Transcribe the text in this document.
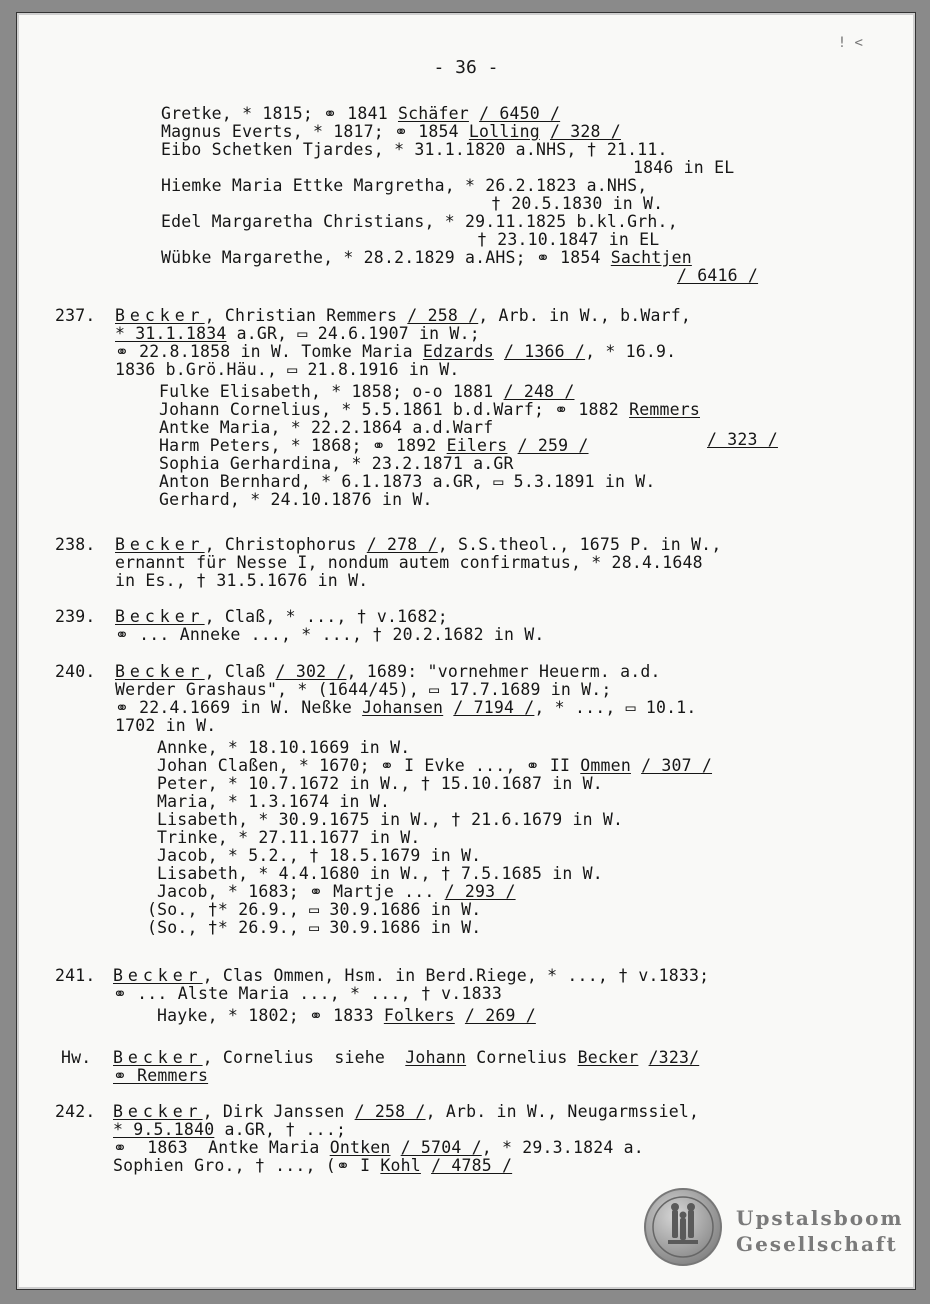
- 36 -
! <
Gretke, * 1815; ⚭ 1841 Schäfer / 6450 /
Magnus Everts, * 1817; ⚭ 1854 Lolling / 328 /
Eibo Schetken Tjardes, * 31.1.1820 a.NHS, † 21.11.
1846 in EL
Hiemke Maria Ettke Margretha, * 26.2.1823 a.NHS,
† 20.5.1830 in W.
Edel Margaretha Christians, * 29.11.1825 b.kl.Grh.,
† 23.10.1847 in EL
Wübke Margarethe, * 28.2.1829 a.AHS; ⚭ 1854 Sachtjen
/ 6416 /
Becker, Christian Remmers / 258 /, Arb. in W., b.Warf,
* 31.1.1834 a.GR, ▭ 24.6.1907 in W.;
⚭ 22.8.1858 in W. Tomke Maria Edzards / 1366 /, * 16.9.
1836 b.Grö.Häu., ▭ 21.8.1916 in W.
Fulke Elisabeth, * 1858; o-o 1881 / 248 /
Johann Cornelius, * 5.5.1861 b.d.Warf; ⚭ 1882 Remmers
Antke Maria, * 22.2.1864 a.d.Warf
Harm Peters, * 1868; ⚭ 1892 Eilers / 259 /
Sophia Gerhardina, * 23.2.1871 a.GR
Anton Bernhard, * 6.1.1873 a.GR, ▭ 5.3.1891 in W.
Gerhard, * 24.10.1876 in W.
Becker, Christophorus / 278 /, S.S.theol., 1675 P. in W.,
ernannt für Nesse I, nondum autem confirmatus, * 28.4.1648
in Es., † 31.5.1676 in W.
Becker, Claß, * ..., † v.1682;
⚭ ... Anneke ..., * ..., † 20.2.1682 in W.
Becker, Claß / 302 /, 1689: "vornehmer Heuerm. a.d.
Werder Grashaus", * (1644/45), ▭ 17.7.1689 in W.;
⚭ 22.4.1669 in W. Neßke Johansen / 7194 /, * ..., ▭ 10.1.
1702 in W.
Annke, * 18.10.1669 in W.
Johan Claßen, * 1670; ⚭ I Evke ..., ⚭ II Ommen / 307 /
Peter, * 10.7.1672 in W., † 15.10.1687 in W.
Maria, * 1.3.1674 in W.
Lisabeth, * 30.9.1675 in W., † 21.6.1679 in W.
Trinke, * 27.11.1677 in W.
Jacob, * 5.2., † 18.5.1679 in W.
Lisabeth, * 4.4.1680 in W., † 7.5.1685 in W.
Jacob, * 1683; ⚭ Martje ... / 293 /
(So., †* 26.9., ▭ 30.9.1686 in W.
(So., †* 26.9., ▭ 30.9.1686 in W.
Becker, Clas Ommen, Hsm. in Berd.Riege, * ..., † v.1833;
⚭ ... Alste Maria ..., * ..., † v.1833
Hayke, * 1802; ⚭ 1833 Folkers / 269 /
Becker, Cornelius  siehe  Johann Cornelius Becker /323/
⚭ Remmers
Becker, Dirk Janssen / 258 /, Arb. in W., Neugarmssiel,
* 9.5.1840 a.GR, † ...;
⚭  1863  Antke Maria Ontken / 5704 /, * 29.3.1824 a.
Sophien Gro., † ..., (⚭ I Kohl / 4785 /
/ 323 /
237.
238.
239.
240.
241.
Hw.
242.
Upstalsboom
Gesellschaft
